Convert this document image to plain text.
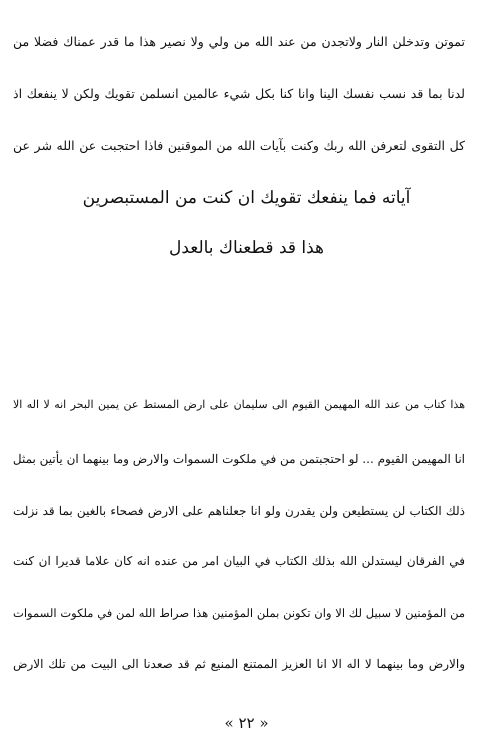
تموتن وتدخلن النار ولاتجدن من عند الله من ولي ولا نصير هذا ما قدر عمناك فضلا من
لدنا بما قد نسب نفسك الينا وانا كنا بكل شيء عالمين انسلمن تقويك ولكن لا ينفعك اذ
كل التقوى لتعرفن الله ربك وكنت بآيات الله من الموقنين فاذا احتجبت عن الله شر عن
آياته فما ينفعك تقويك ان كنت من المستبصرين
هذا قد قطعناك بالعدل
هذا كتاب من عند الله المهيمن القيوم الى سليمان على ارض المستط عن يمين البحر انه لا اله الا
انا المهيمن القيوم ... لو احتجبتمن من في ملكوت السموات والارض وما بينهما ان يأتين بمثل
ذلك الكتاب لن يستطيعن ولن يقدرن ولو انا جعلناهم على الارض فصحاء بالغين بما قد نزلت
في الفرقان ليستدلن الله بذلك الكتاب في البيان امر من عنده انه كان علاما قديرا ان كنت
من المؤمنين لا سبيل لك الا وان تكونن بملن المؤمنين هذا صراط الله لمن في ملكوت السموات
والارض وما بينهما لا اله الا انا العزيز الممتنع المنيع ثم قد صعدنا الى البيت من تلك الارض
« ٢٢ »
